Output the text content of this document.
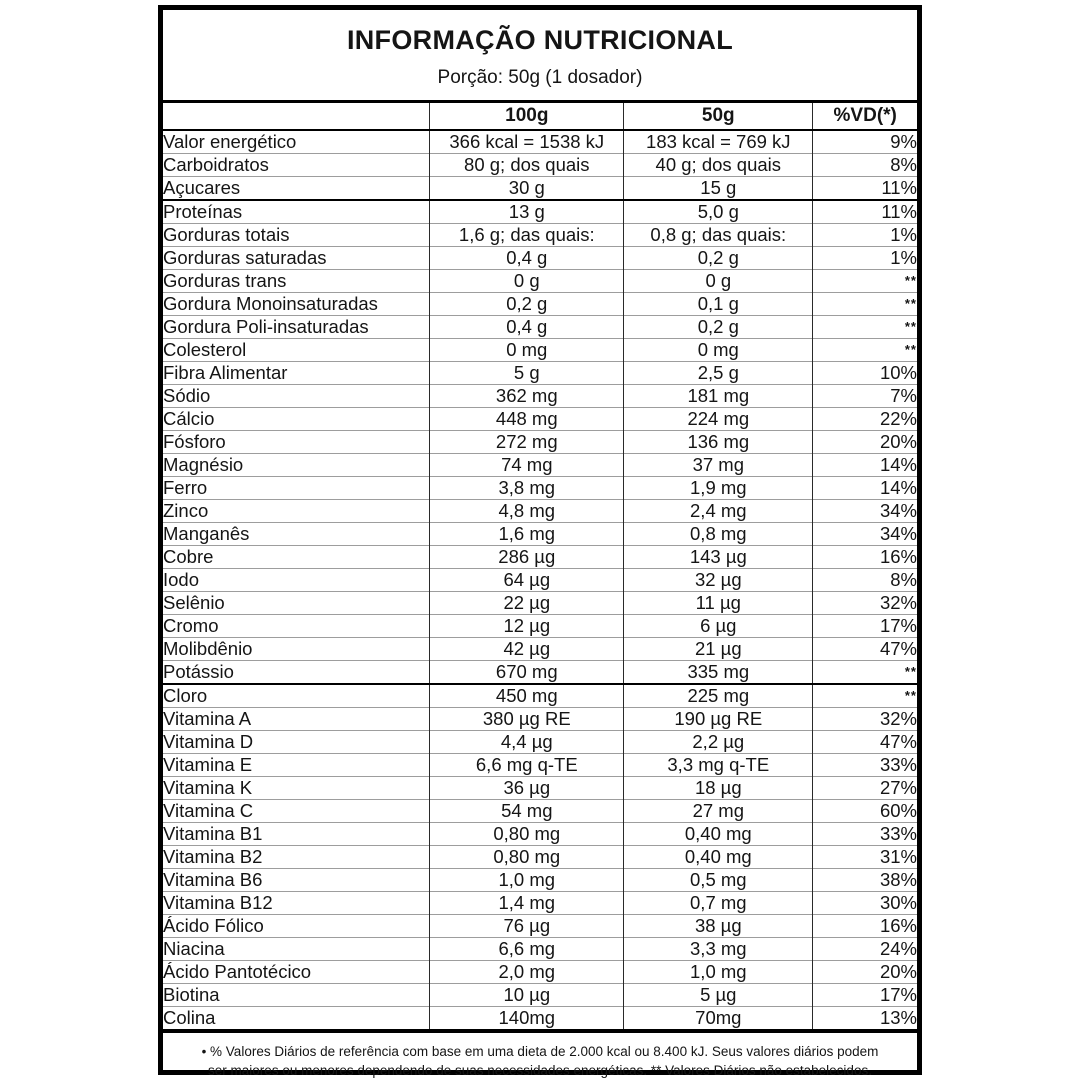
INFORMAÇÃO NUTRICIONAL
Porção: 50g (1 dosador)
	100g	50g	%VD(*)
Valor energético	366 kcal = 1538 kJ	183 kcal = 769 kJ	9%
Carboidratos	80 g; dos quais	40 g; dos quais	8%
Açucares	30 g	15 g	11%
Proteínas	13 g	5,0 g	11%
Gorduras totais	1,6 g; das quais:	0,8 g; das quais:	1%
Gorduras saturadas	0,4 g	0,2 g	1%
Gorduras trans	0 g	0 g	**
Gordura Monoinsaturadas	0,2 g	0,1 g	**
Gordura Poli-insaturadas	0,4 g	0,2 g	**
Colesterol	0 mg	0 mg	**
Fibra Alimentar	5 g	2,5 g	10%
Sódio	362 mg	181 mg	7%
Cálcio	448 mg	224 mg	22%
Fósforo	272 mg	136 mg	20%
Magnésio	74 mg	37 mg	14%
Ferro	3,8 mg	1,9 mg	14%
Zinco	4,8 mg	2,4 mg	34%
Manganês	1,6 mg	0,8 mg	34%
Cobre	286 µg	143 µg	16%
Iodo	64 µg	32 µg	8%
Selênio	22 µg	11 µg	32%
Cromo	12 µg	6 µg	17%
Molibdênio	42 µg	21 µg	47%
Potássio	670 mg	335 mg	**
Cloro	450 mg	225 mg	**
Vitamina A	380 µg RE	190 µg RE	32%
Vitamina D	4,4 µg	2,2 µg	47%
Vitamina E	6,6 mg q-TE	3,3 mg q-TE	33%
Vitamina K	36 µg	18 µg	27%
Vitamina C	54 mg	27 mg	60%
Vitamina B1	0,80 mg	0,40 mg	33%
Vitamina B2	0,80 mg	0,40 mg	31%
Vitamina B6	1,0 mg	0,5 mg	38%
Vitamina B12	1,4 mg	0,7 mg	30%
Ácido Fólico	76 µg	38 µg	16%
Niacina	6,6 mg	3,3 mg	24%
Ácido Pantotécico	2,0 mg	1,0 mg	20%
Biotina	10 µg	5 µg	17%
Colina	140mg	70mg	13%
• % Valores Diários de referência com base em uma dieta de 2.000 kcal ou 8.400 kJ. Seus valores diários podem ser maiores ou menores dependendo de suas necessidades energéticas. ** Valores Diários não estabelecidos.
